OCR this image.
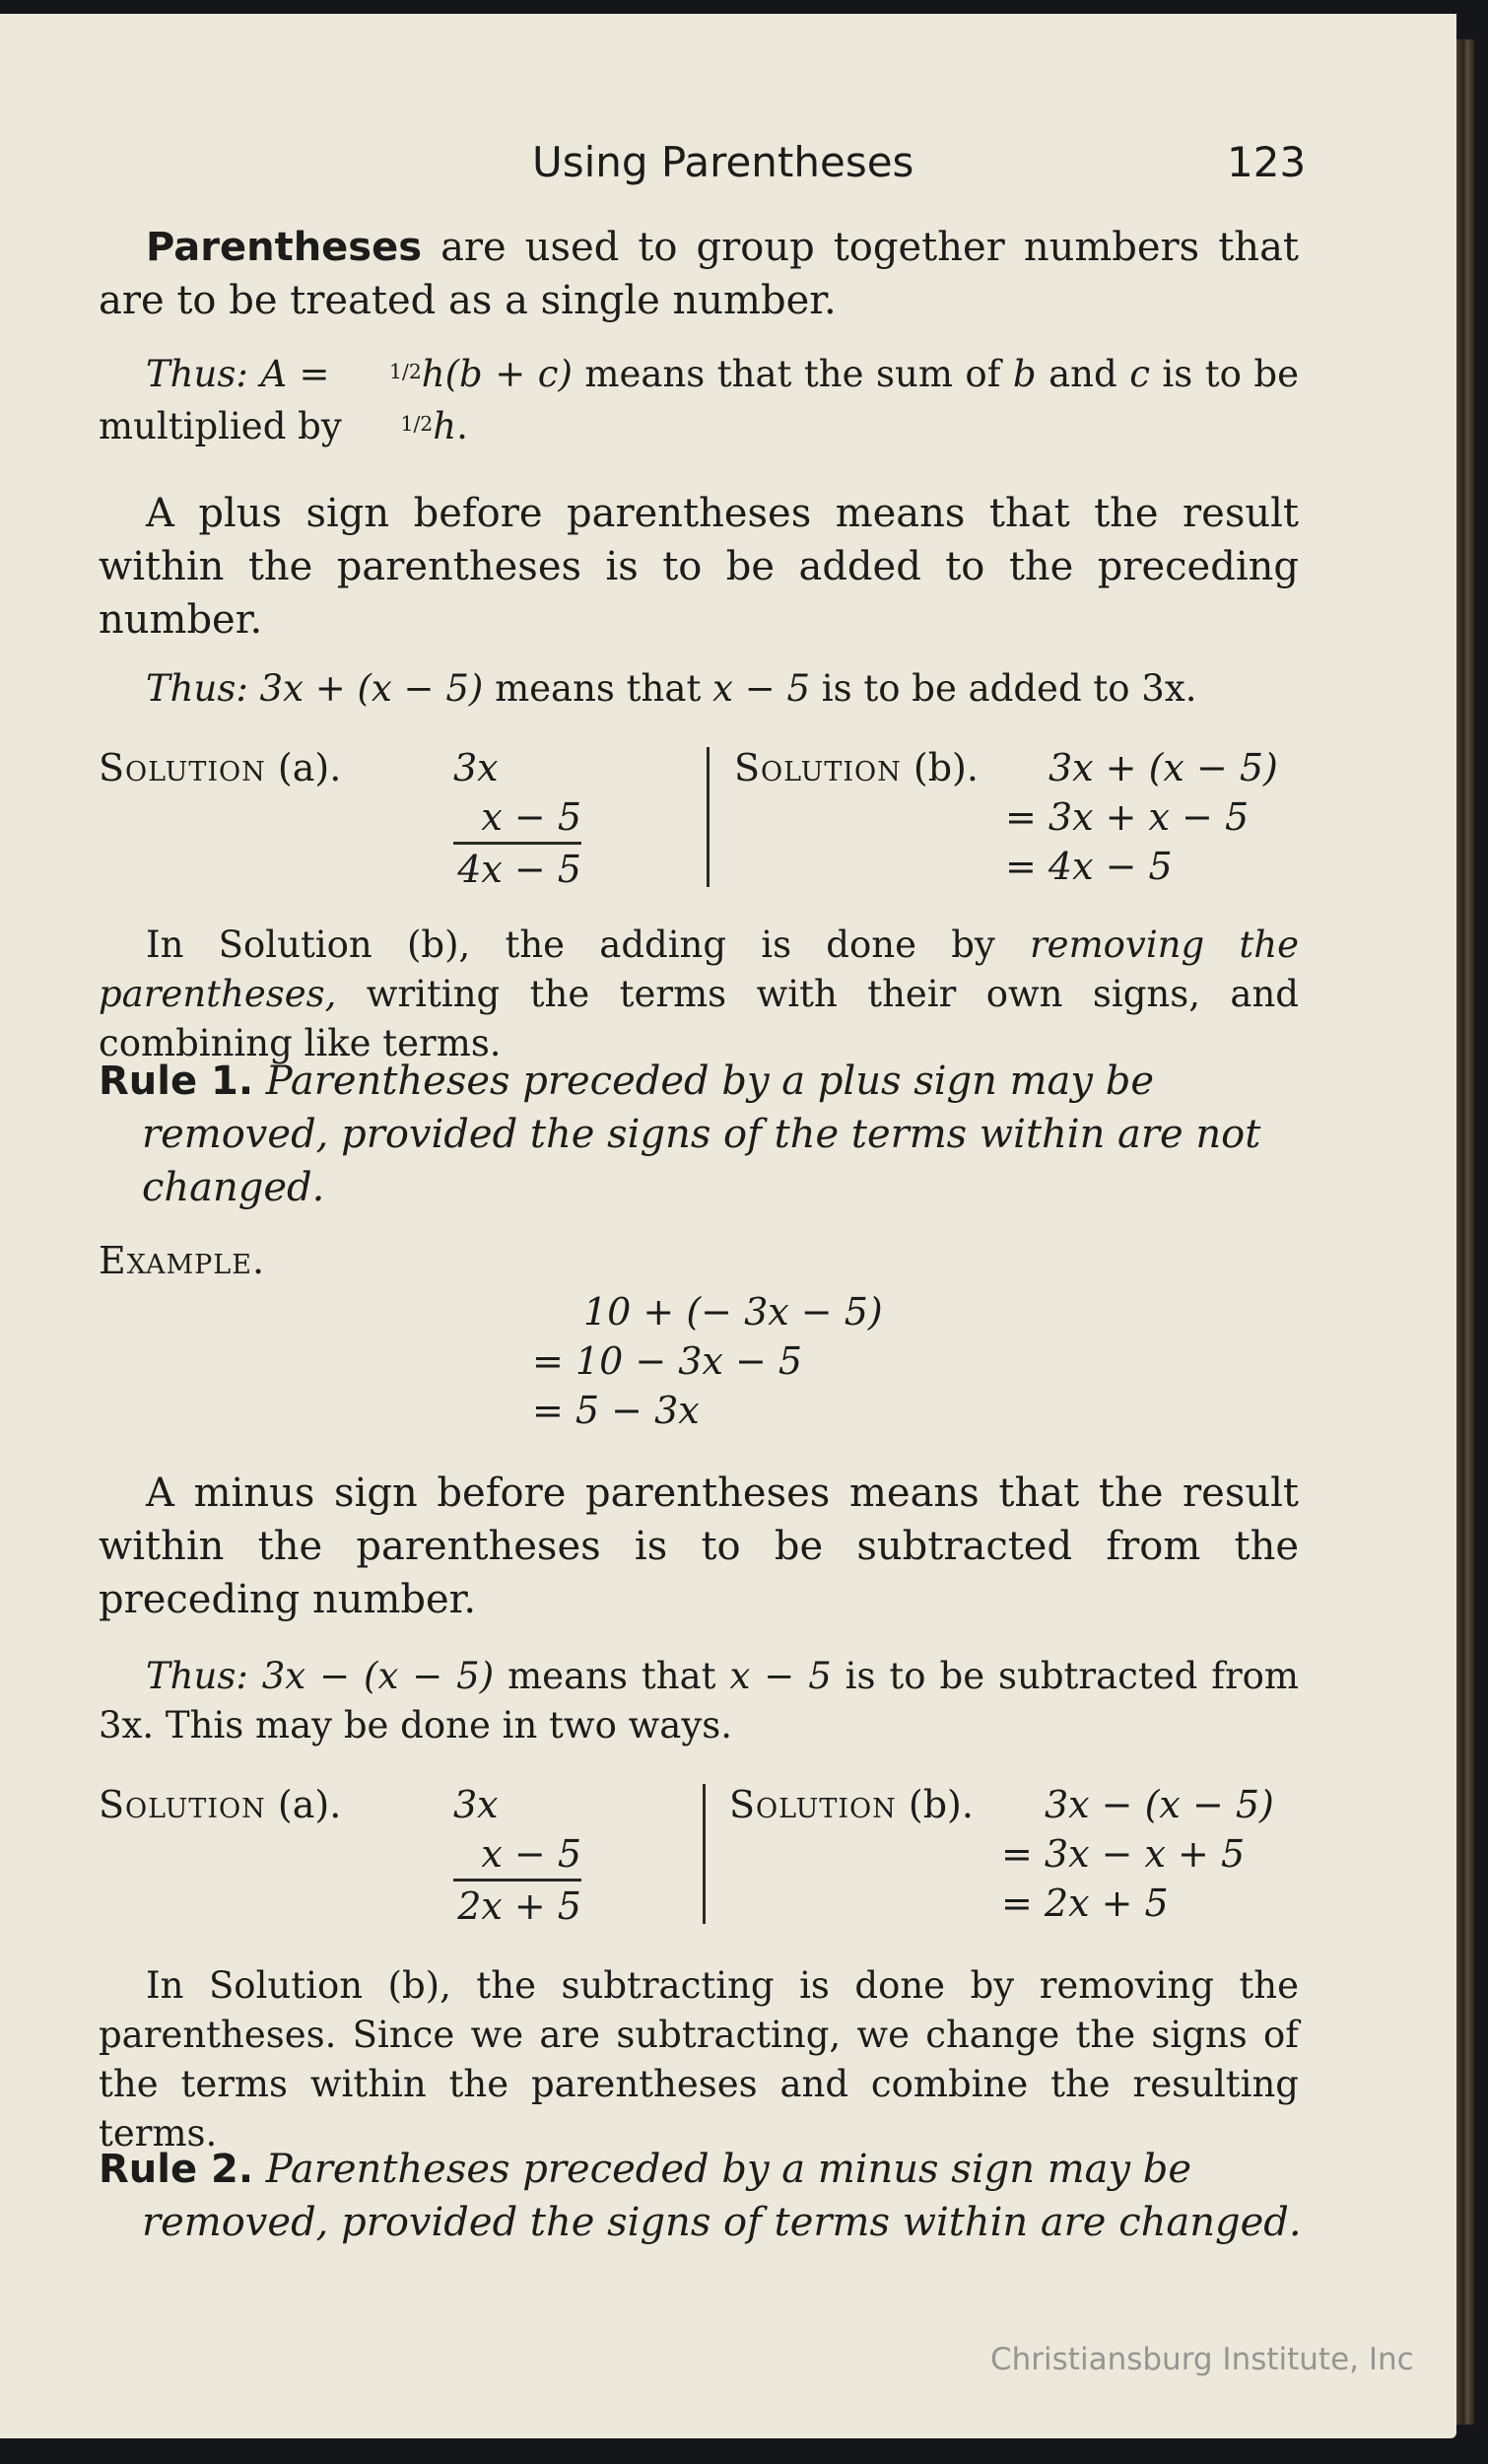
Using Parentheses	123
Parentheses are used to group together numbers that are to be treated as a single number.
Thus: A = 1/2h(b + c) means that the sum of b and c is to be multiplied by 1/2h.
A plus sign before parentheses means that the result within the parentheses is to be added to the preceding number.
Thus: 3x + (x − 5) means that x − 5 is to be added to 3x.
Solution (a).	3x
x − 5
4x − 5
Solution (b).	3x + (x − 5)
= 3x + x − 5
= 4x − 5
In Solution (b), the adding is done by removing the parentheses, writing the terms with their own signs, and combining like terms.
Rule 1. Parentheses preceded by a plus sign may be removed, provided the signs of the terms within are not changed.
Example.
10 + (− 3x − 5)
= 10 − 3x − 5
= 5 − 3x
A minus sign before parentheses means that the result within the parentheses is to be subtracted from the preceding number.
Thus: 3x − (x − 5) means that x − 5 is to be subtracted from 3x. This may be done in two ways.
Solution (a).	3x
x − 5
2x + 5
Solution (b).	3x − (x − 5)
= 3x − x + 5
= 2x + 5
In Solution (b), the subtracting is done by removing the parentheses. Since we are subtracting, we change the signs of the terms within the parentheses and combine the resulting terms.
Rule 2. Parentheses preceded by a minus sign may be removed, provided the signs of terms within are changed.
Christiansburg Institute, Inc
